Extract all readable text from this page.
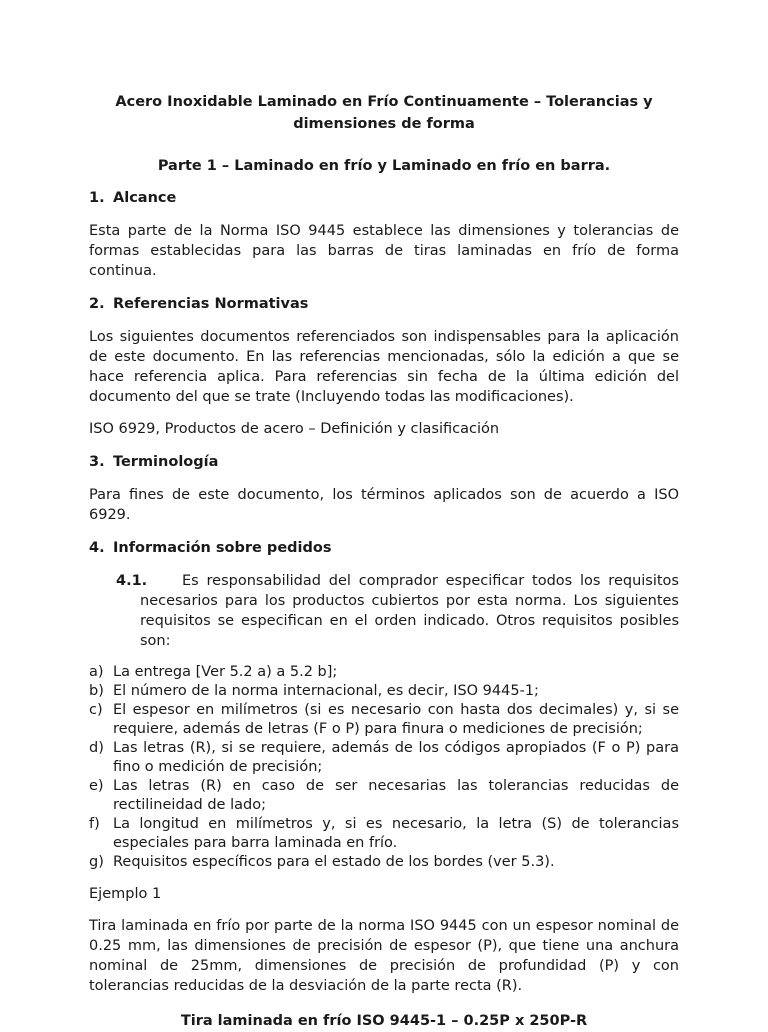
Acero Inoxidable Laminado en Frío Continuamente – Tolerancias y
dimensiones de forma
Parte 1 – Laminado en frío y Laminado en frío en barra.
1. Alcance

Esta parte de la Norma ISO 9445 establece las dimensiones y tolerancias de formas establecidas para las barras de tiras laminadas en frío de forma continua.

2. Referencias Normativas

Los siguientes documentos referenciados son indispensables para la aplicación de este documento. En las referencias mencionadas, sólo la edición a que se hace referencia aplica. Para referencias sin fecha de la última edición del documento del que se trate (Incluyendo todas las modificaciones).

ISO 6929, Productos de acero – Definición y clasificación

3. Terminología

Para fines de este documento, los términos aplicados son de acuerdo a ISO 6929.

4. Información sobre pedidos

4.1. Es responsabilidad del comprador especificar todos los requisitos necesarios para los productos cubiertos por esta norma. Los siguientes requisitos se especifican en el orden indicado. Otros requisitos posibles son:

a) La entrega [Ver 5.2 a) a 5.2 b];
b) El número de la norma internacional, es decir, ISO 9445-1;
c) El espesor en milímetros (si es necesario con hasta dos decimales) y, si se requiere, además de letras (F o P) para finura o mediciones de precisión;
d) Las letras (R), si se requiere, además de los códigos apropiados (F o P) para fino o medición de precisión;
e) Las letras (R) en caso de ser necesarias las tolerancias reducidas de rectilineidad de lado;
f) La longitud en milímetros y, si es necesario, la letra (S) de tolerancias especiales para barra laminada en frío.
g) Requisitos específicos para el estado de los bordes (ver 5.3).

Ejemplo 1

Tira laminada en frío por parte de la norma ISO 9445 con un espesor nominal de 0.25 mm, las dimensiones de precisión de espesor (P), que tiene una anchura nominal de 25mm, dimensiones de precisión de profundidad (P) y con tolerancias reducidas de la desviación de la parte recta (R).

Tira laminada en frío ISO 9445-1 – 0.25P x 250P-R
